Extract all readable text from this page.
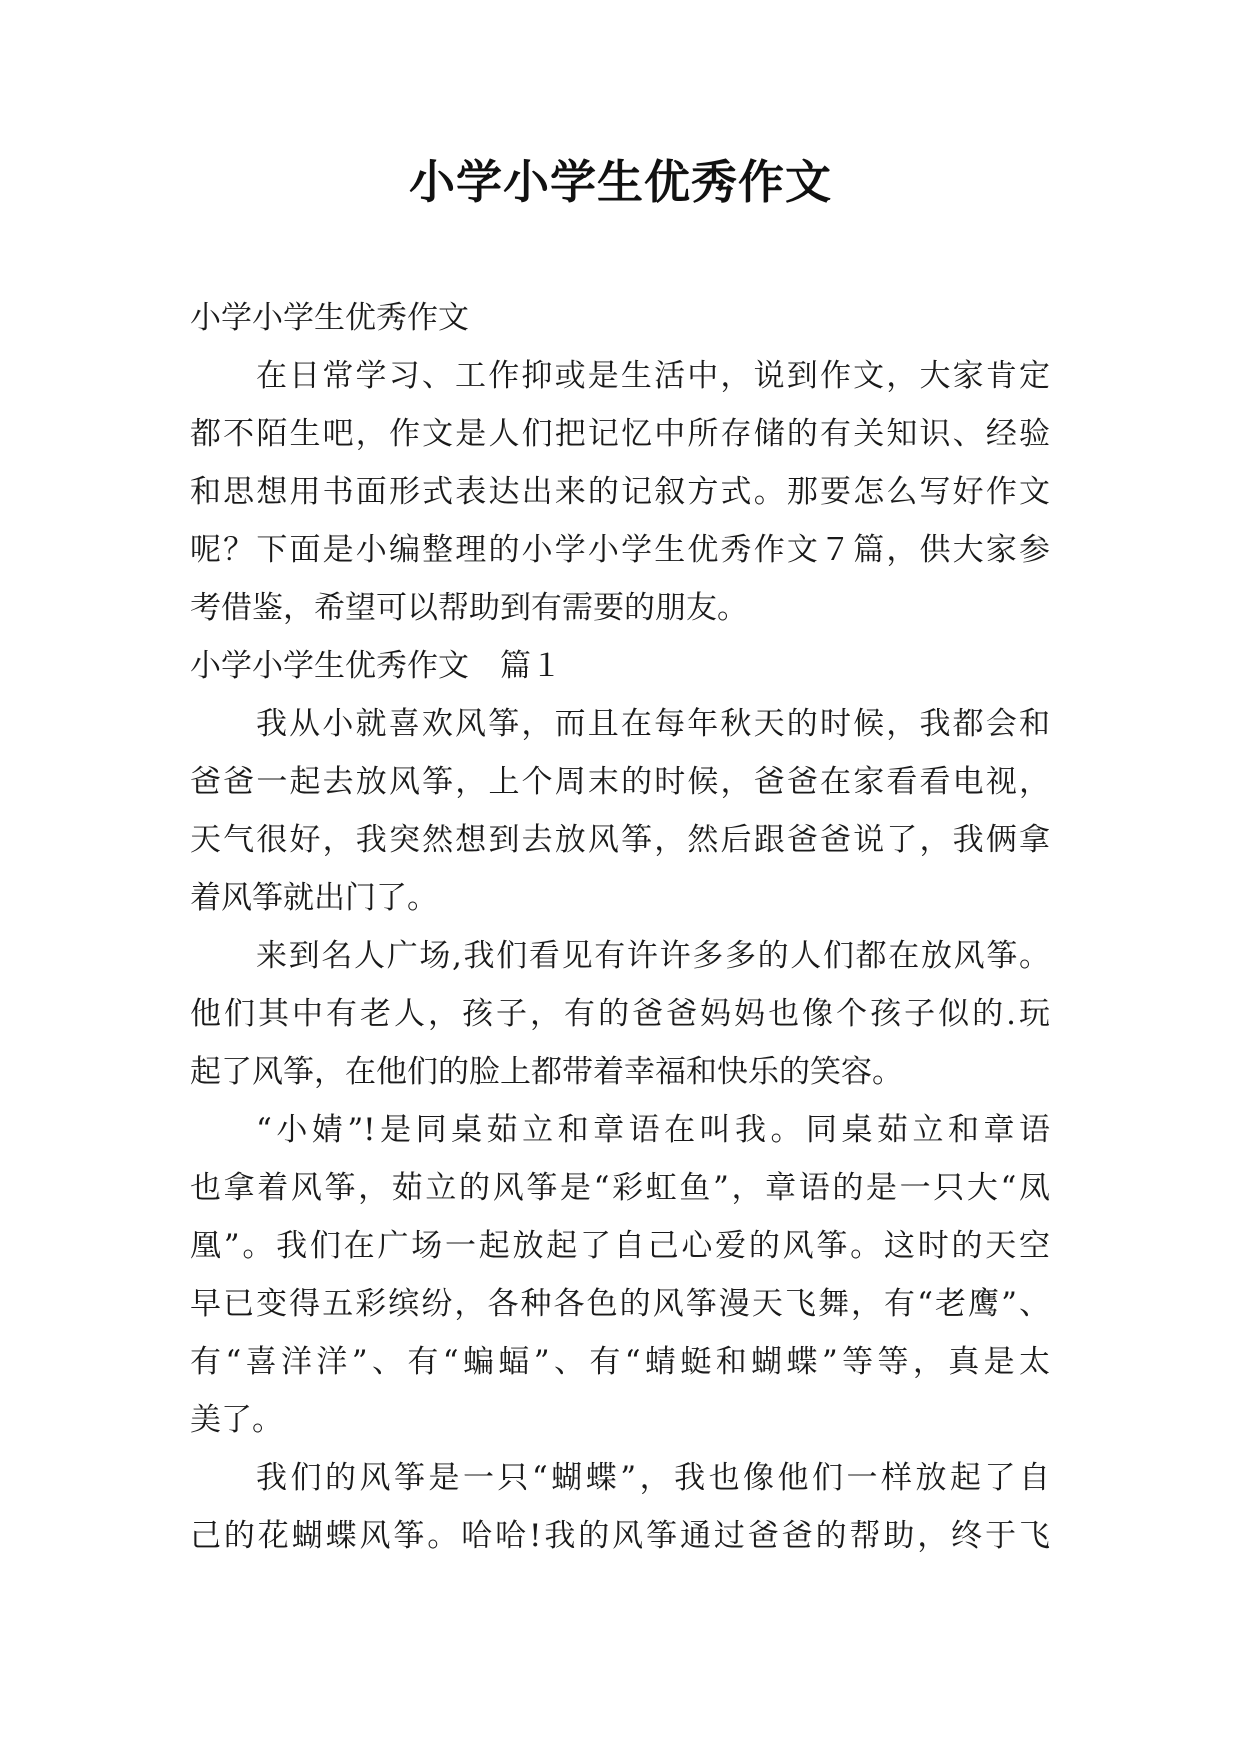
小学小学生优秀作文
小学小学生优秀作文
在日常学习、工作抑或是生活中，说到作文，大家肯定
都不陌生吧，作文是人们把记忆中所存储的有关知识、经验
和思想用书面形式表达出来的记叙方式。那要怎么写好作文
呢？下面是小编整理的小学小学生优秀作文７篇，供大家参
考借鉴，希望可以帮助到有需要的朋友。
小学小学生优秀作文　篇１
我从小就喜欢风筝，而且在每年秋天的时候，我都会和
爸爸一起去放风筝，上个周末的时候，爸爸在家看看电视，
天气很好，我突然想到去放风筝，然后跟爸爸说了，我俩拿
着风筝就出门了。
来到名人广场,我们看见有许许多多的人们都在放风筝。
他们其中有老人，孩子，有的爸爸妈妈也像个孩子似的.玩
起了风筝，在他们的脸上都带着幸福和快乐的笑容。
“小婧”!是同桌茹立和章语在叫我。同桌茹立和章语
也拿着风筝，茹立的风筝是“彩虹鱼”，章语的是一只大“凤
凰”。我们在广场一起放起了自己心爱的风筝。这时的天空
早已变得五彩缤纷，各种各色的风筝漫天飞舞，有“老鹰”、
有“喜洋洋”、有“蝙蝠”、有“蜻蜓和蝴蝶”等等，真是太
美了。
我们的风筝是一只“蝴蝶”，我也像他们一样放起了自
己的花蝴蝶风筝。哈哈!我的风筝通过爸爸的帮助，终于飞
